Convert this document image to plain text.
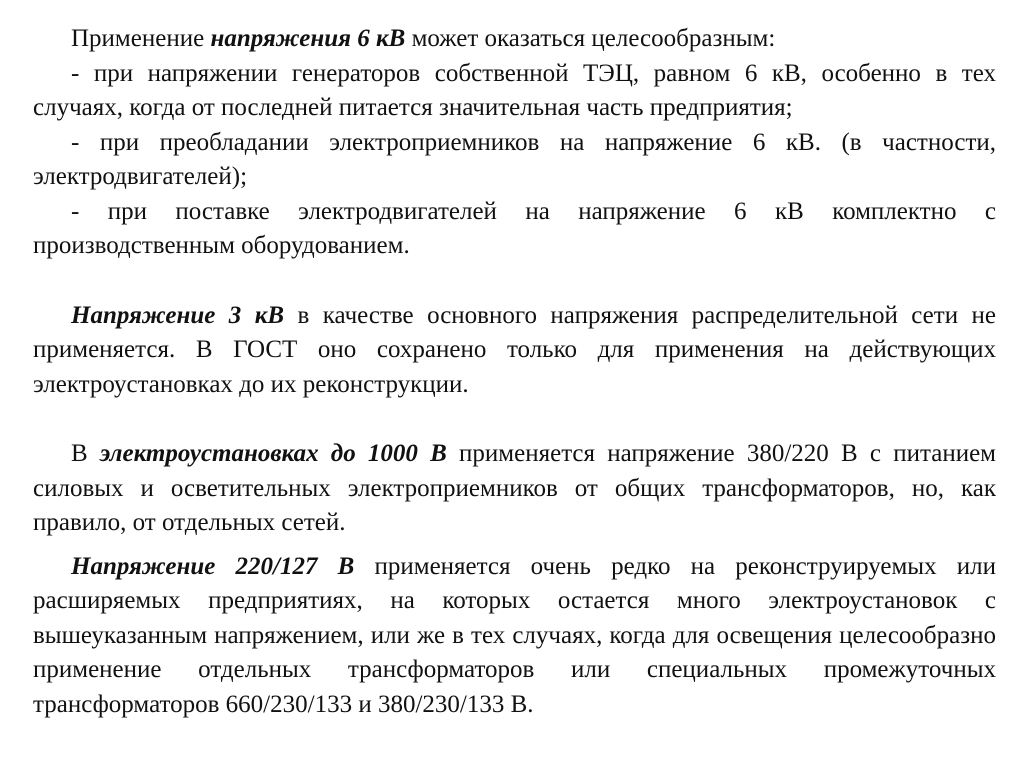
Применение напряжения 6 кВ может оказаться целесообразным:

- при напряжении генераторов собственной ТЭЦ, равном 6 кВ, особенно в тех случаях, когда от последней питается значительная часть предприятия;

- при преобладании электроприемников на напряжение 6 кВ. (в частности, электродвигателей);

- при поставке электродвигателей на напряжение 6 кВ комплектно с производственным оборудованием.

Напряжение 3 кВ в качестве основного напряжения распределительной сети не применяется. В ГОСТ оно сохранено только для применения на действующих электроустановках до их реконструкции.

В электроустановках до 1000 В применяется напряжение 380/220 В с питанием силовых и осветительных электроприемников от общих трансформаторов, но, как правило, от отдельных сетей.

Напряжение 220/127 В применяется очень редко на реконструируемых или расширяемых предприятиях, на которых остается много электроустановок с вышеуказанным напряжением, или же в тех случаях, когда для освещения целесообразно применение отдельных трансформаторов или специальных промежуточных трансформаторов 660/230/133 и 380/230/133 В.
